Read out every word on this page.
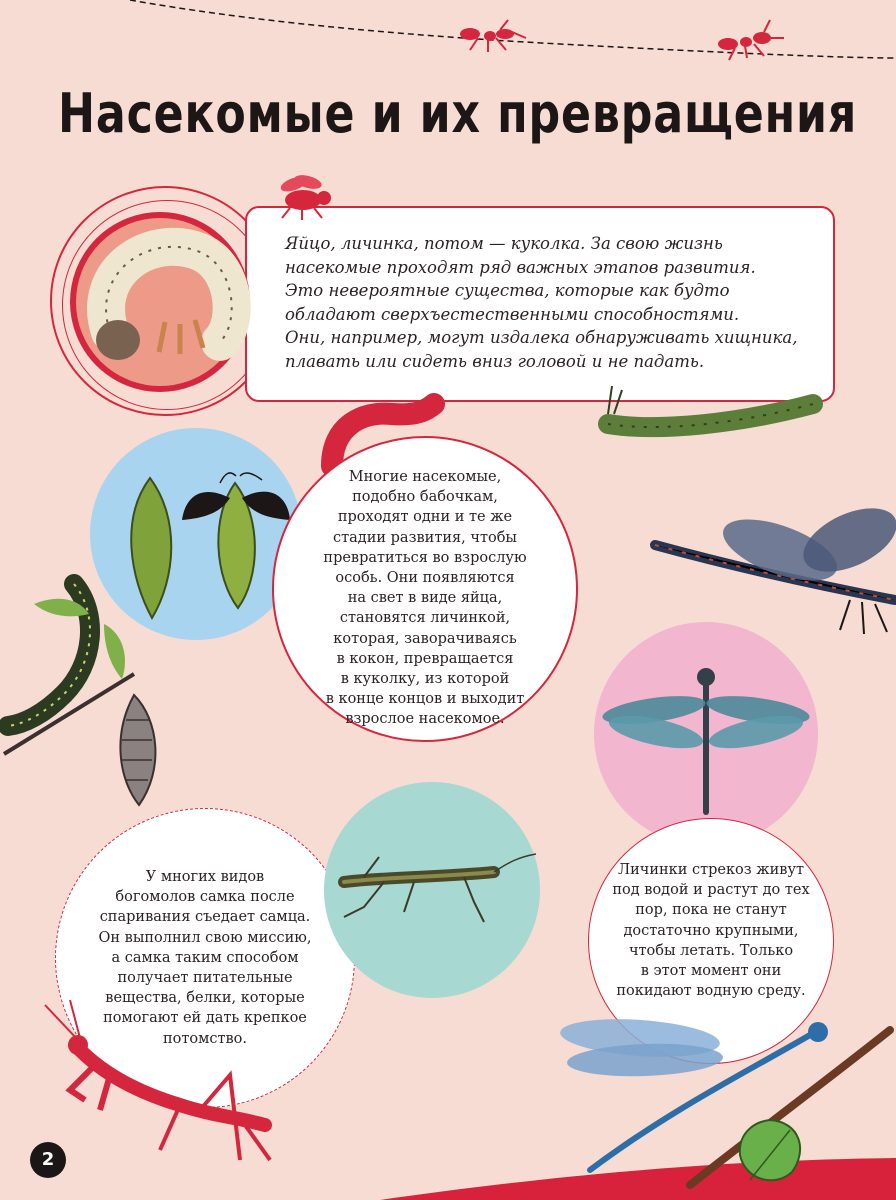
Насекомые и их превращения
Яйцо, личинка, потом — куколка. За свою жизнь
насекомые проходят ряд важных этапов развития.
Это невероятные существа, которые как будто
обладают сверхъестественными способностями.
Они, например, могут издалека обнаруживать хищника,
плавать или сидеть вниз головой и не падать.
Многие насекомые,
подобно бабочкам,
проходят одни и те же
стадии развития, чтобы
превратиться во взрослую
особь. Они появляются
на свет в виде яйца,
становятся личинкой,
которая, заворачиваясь
в кокон, превращается
в куколку, из которой
в конце концов и выходит
взрослое насекомое.
У многих видов
богомолов самка после
спаривания съедает самца.
Он выполнил свою миссию,
а самка таким способом
получает питательные
вещества, белки, которые
помогают ей дать крепкое
потомство.
Личинки стрекоз живут
под водой и растут до тех
пор, пока не станут
достаточно крупными,
чтобы летать. Только
в этот момент они
покидают водную среду.
2
